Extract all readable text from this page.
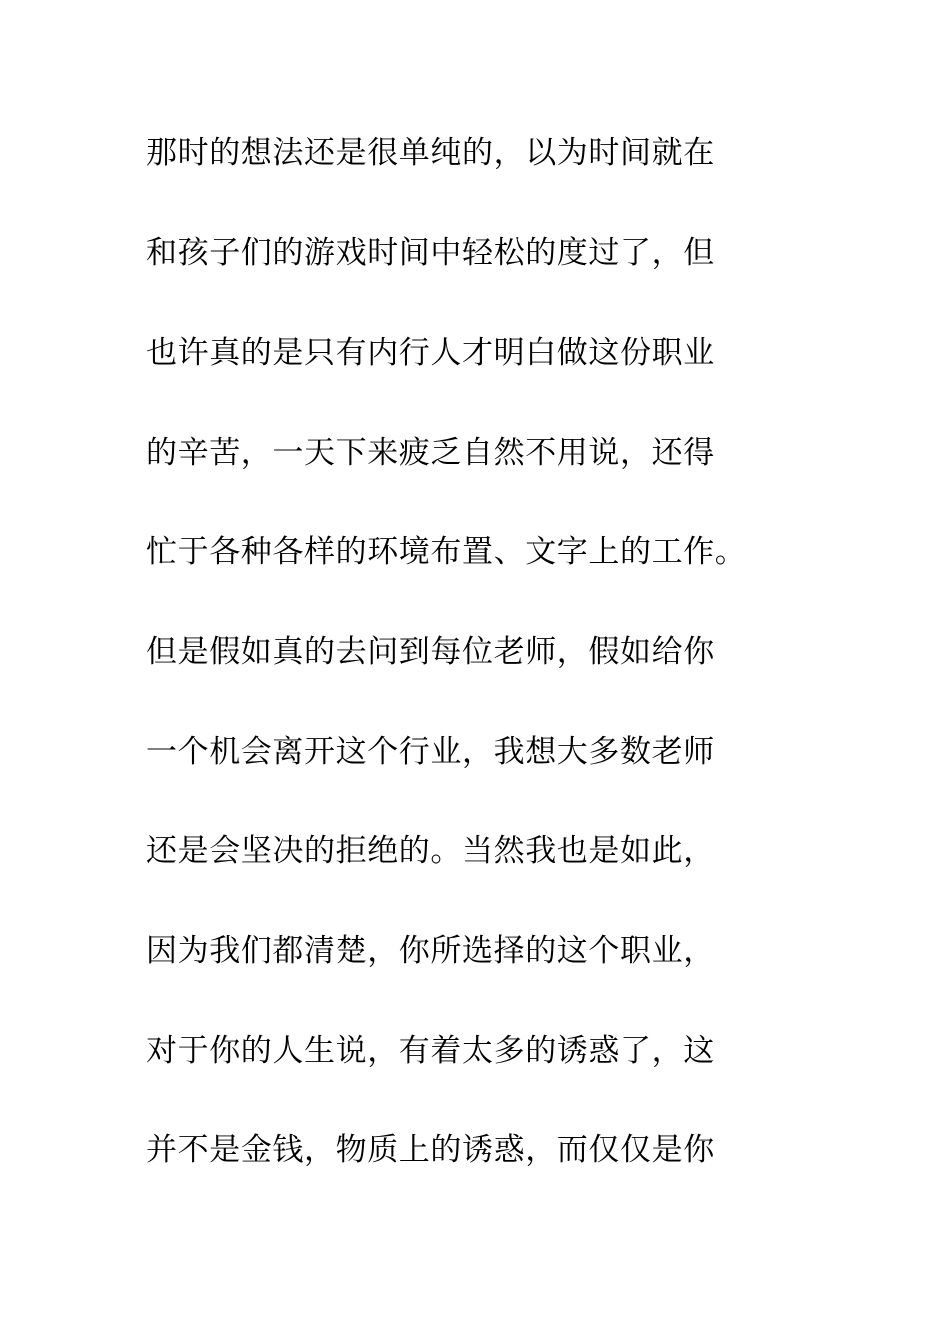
那时的想法还是很单纯的，以为时间就在
和孩子们的游戏时间中轻松的度过了，但
也许真的是只有内行人才明白做这份职业
的辛苦，一天下来疲乏自然不用说，还得
忙于各种各样的环境布置、文字上的工作。
但是假如真的去问到每位老师，假如给你
一个机会离开这个行业，我想大多数老师
还是会坚决的拒绝的。当然我也是如此，
因为我们都清楚，你所选择的这个职业，
对于你的人生说，有着太多的诱惑了，这
并不是金钱，物质上的诱惑，而仅仅是你
